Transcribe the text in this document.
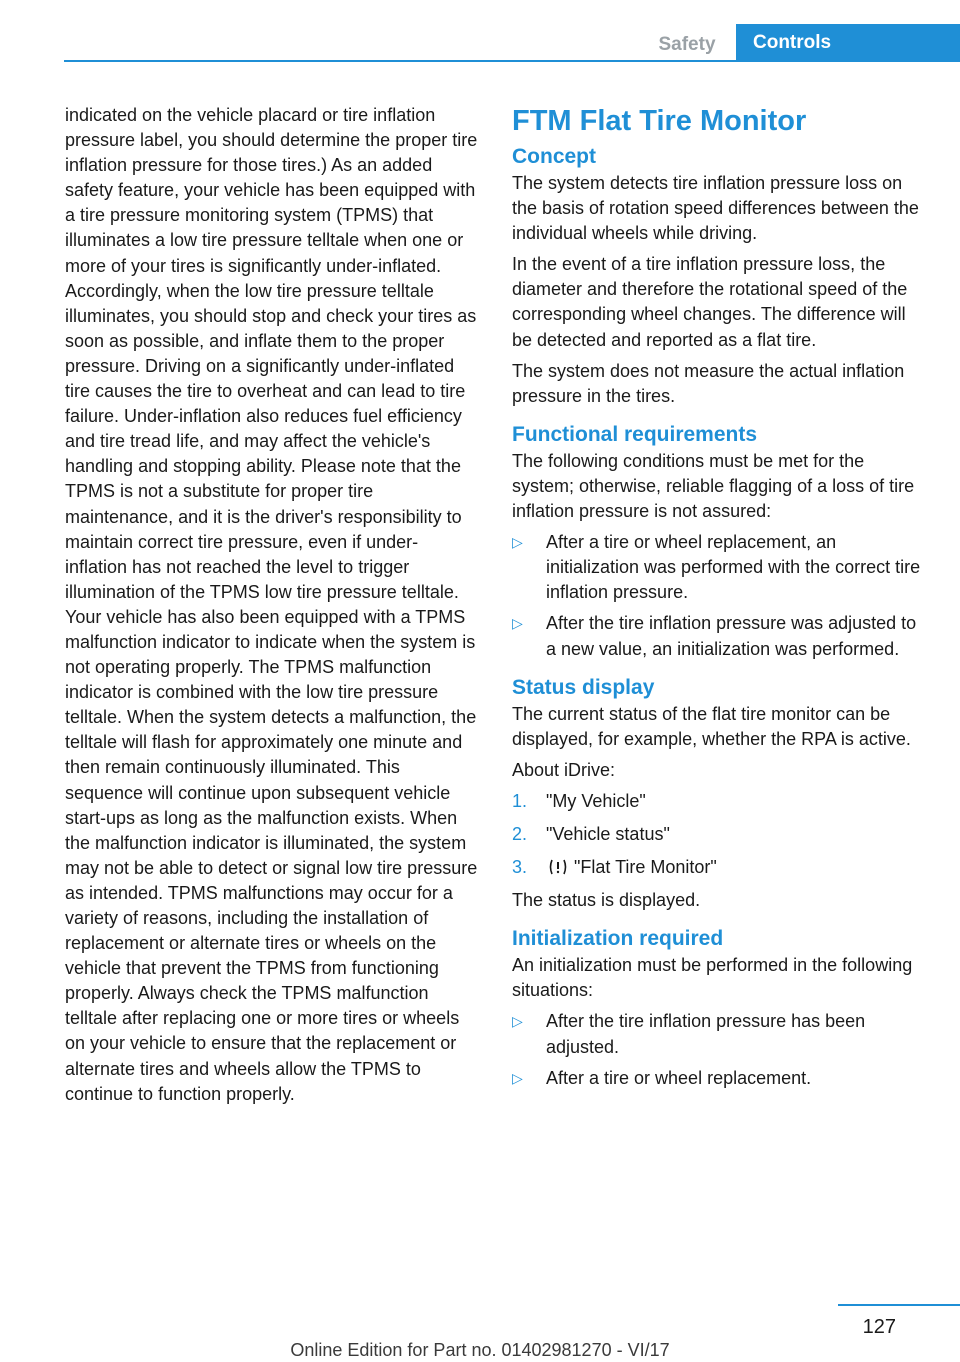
Safety	Controls

indicated on the vehicle placard or tire inflation pressure label, you should determine the proper tire inflation pressure for those tires.) As an added safety feature, your vehicle has been equipped with a tire pressure monitoring system (TPMS) that illuminates a low tire pressure telltale when one or more of your tires is significantly under-inflated. Accordingly, when the low tire pressure telltale illuminates, you should stop and check your tires as soon as possible, and inflate them to the proper pressure. Driving on a significantly under-inflated tire causes the tire to overheat and can lead to tire failure. Under-inflation also reduces fuel efficiency and tire tread life, and may affect the vehicle's handling and stopping ability. Please note that the TPMS is not a substitute for proper tire maintenance, and it is the driver's responsibility to maintain correct tire pressure, even if under-inflation has not reached the level to trigger illumination of the TPMS low tire pressure telltale. Your vehicle has also been equipped with a TPMS malfunction indicator to indicate when the system is not operating properly. The TPMS malfunction indicator is combined with the low tire pressure telltale. When the system detects a malfunction, the telltale will flash for approximately one minute and then remain continuously illuminated. This sequence will continue upon subsequent vehicle start-ups as long as the malfunction exists. When the malfunction indicator is illuminated, the system may not be able to detect or signal low tire pressure as intended. TPMS malfunctions may occur for a variety of reasons, including the installation of replacement or alternate tires or wheels on the vehicle that prevent the TPMS from functioning properly. Always check the TPMS malfunction telltale after replacing one or more tires or wheels on your vehicle to ensure that the replacement or alternate tires and wheels allow the TPMS to continue to function properly.

FTM Flat Tire Monitor
Concept

The system detects tire inflation pressure loss on the basis of rotation speed differences between the individual wheels while driving.

In the event of a tire inflation pressure loss, the diameter and therefore the rotational speed of the corresponding wheel changes. The difference will be detected and reported as a flat tire.

The system does not measure the actual inflation pressure in the tires.

Functional requirements

The following conditions must be met for the system; otherwise, reliable flagging of a loss of tire inflation pressure is not assured:

▷ After a tire or wheel replacement, an initialization was performed with the correct tire inflation pressure.
▷ After the tire inflation pressure was adjusted to a new value, an initialization was performed.
Status display

The current status of the flat tire monitor can be displayed, for example, whether the RPA is active.

About iDrive:

1. "My Vehicle"
2. "Vehicle status"
3.	"Flat Tire Monitor"

The status is displayed.

Initialization required

An initialization must be performed in the following situations:

▷ After the tire inflation pressure has been adjusted.
▷ After a tire or wheel replacement.
127
Online Edition for Part no. 01402981270 - VI/17
